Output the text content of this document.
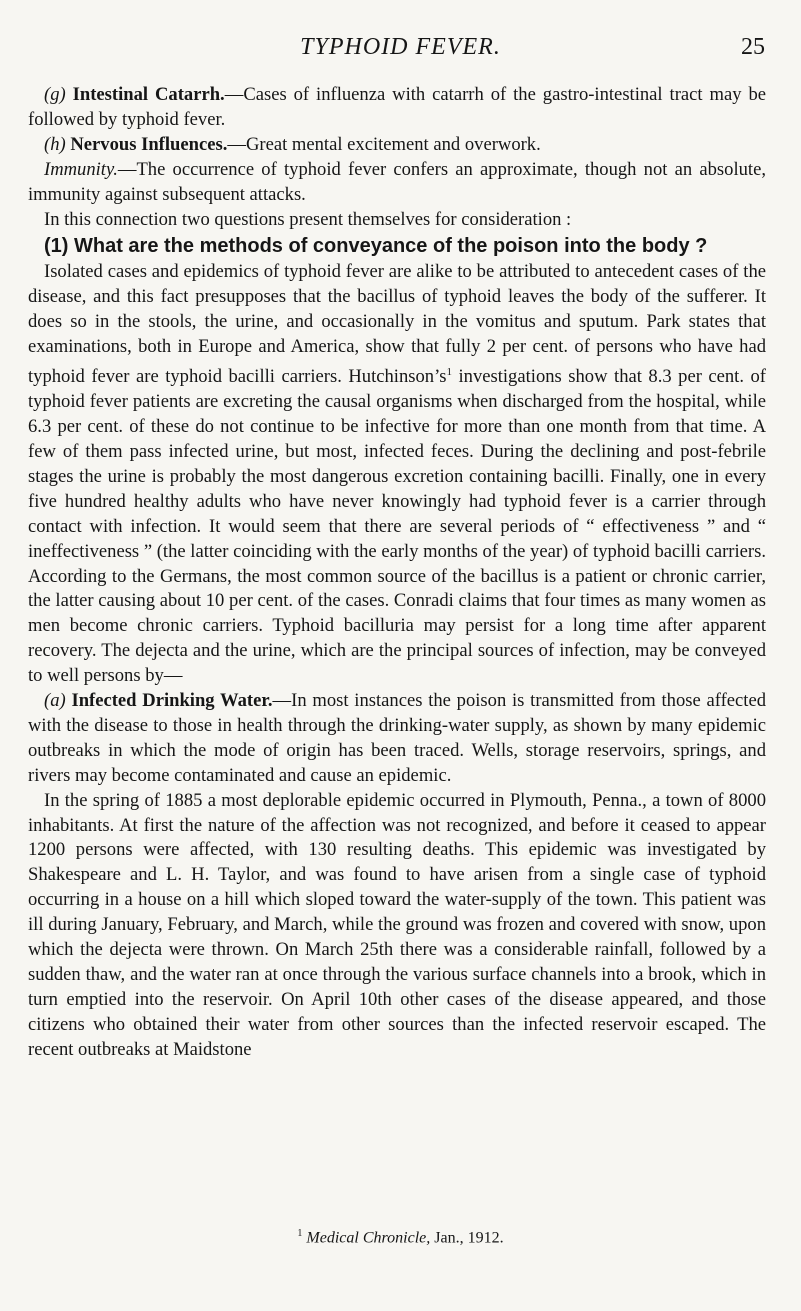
TYPHOID FEVER.	25

(g) Intestinal Catarrh.—Cases of influenza with catarrh of the gastro-intestinal tract may be followed by typhoid fever.

(h) Nervous Influences.—Great mental excitement and overwork.

Immunity.—The occurrence of typhoid fever confers an approximate, though not an absolute, immunity against subsequent attacks.

In this connection two questions present themselves for consideration :

(1) What are the methods of conveyance of the poison into the body ?

Isolated cases and epidemics of typhoid fever are alike to be attributed to antecedent cases of the disease, and this fact presupposes that the bacillus of typhoid leaves the body of the sufferer. It does so in the stools, the urine, and occasionally in the vomitus and sputum. Park states that examinations, both in Europe and America, show that fully 2 per cent. of persons who have had typhoid fever are typhoid bacilli carriers. $Hutchinson’s^1$ investigations show that 8.3 per cent. of typhoid fever patients are excreting the causal organisms when discharged from the hospital, while 6.3 per cent. of these do not continue to be infective for more than one month from that time. A few of them pass infected urine, but most, infected feces. During the declining and post-febrile stages the urine is probably the most dangerous excretion containing bacilli. Finally, one in every five hundred healthy adults who have never knowingly had typhoid fever is a carrier through contact with infection. It would seem that there are several periods of “ effectiveness ” and “ ineffectiveness ” (the latter coinciding with the early months of the year) of typhoid bacilli carriers. According to the Germans, the most common source of the bacillus is a patient or chronic carrier, the latter causing about 10 per cent. of the cases. Conradi claims that four times as many women as men become chronic carriers. Typhoid bacilluria may persist for a long time after apparent recovery. The dejecta and the urine, which are the principal sources of infection, may be conveyed to well persons by—

(a) Infected Drinking Water.—In most instances the poison is transmitted from those affected with the disease to those in health through the drinking-water supply, as shown by many epidemic outbreaks in which the mode of origin has been traced. Wells, storage reservoirs, springs, and rivers may become contaminated and cause an epidemic.

In the spring of 1885 a most deplorable epidemic occurred in Plymouth, Penna., a town of 8000 inhabitants. At first the nature of the affection was not recognized, and before it ceased to appear 1200 persons were affected, with 130 resulting deaths. This epidemic was investigated by Shakespeare and L. H. Taylor, and was found to have arisen from a single case of typhoid occurring in a house on a hill which sloped toward the water-supply of the town. This patient was ill during January, February, and March, while the ground was frozen and covered with snow, upon which the dejecta were thrown. On March 25th there was a considerable rainfall, followed by a sudden thaw, and the water ran at once through the various surface channels into a brook, which in turn emptied into the reservoir. On April 10th other cases of the disease appeared, and those citizens who obtained their water from other sources than the infected reservoir escaped. The recent outbreaks at Maidstone

$^1$ Medical Chronicle, Jan., 1912.
